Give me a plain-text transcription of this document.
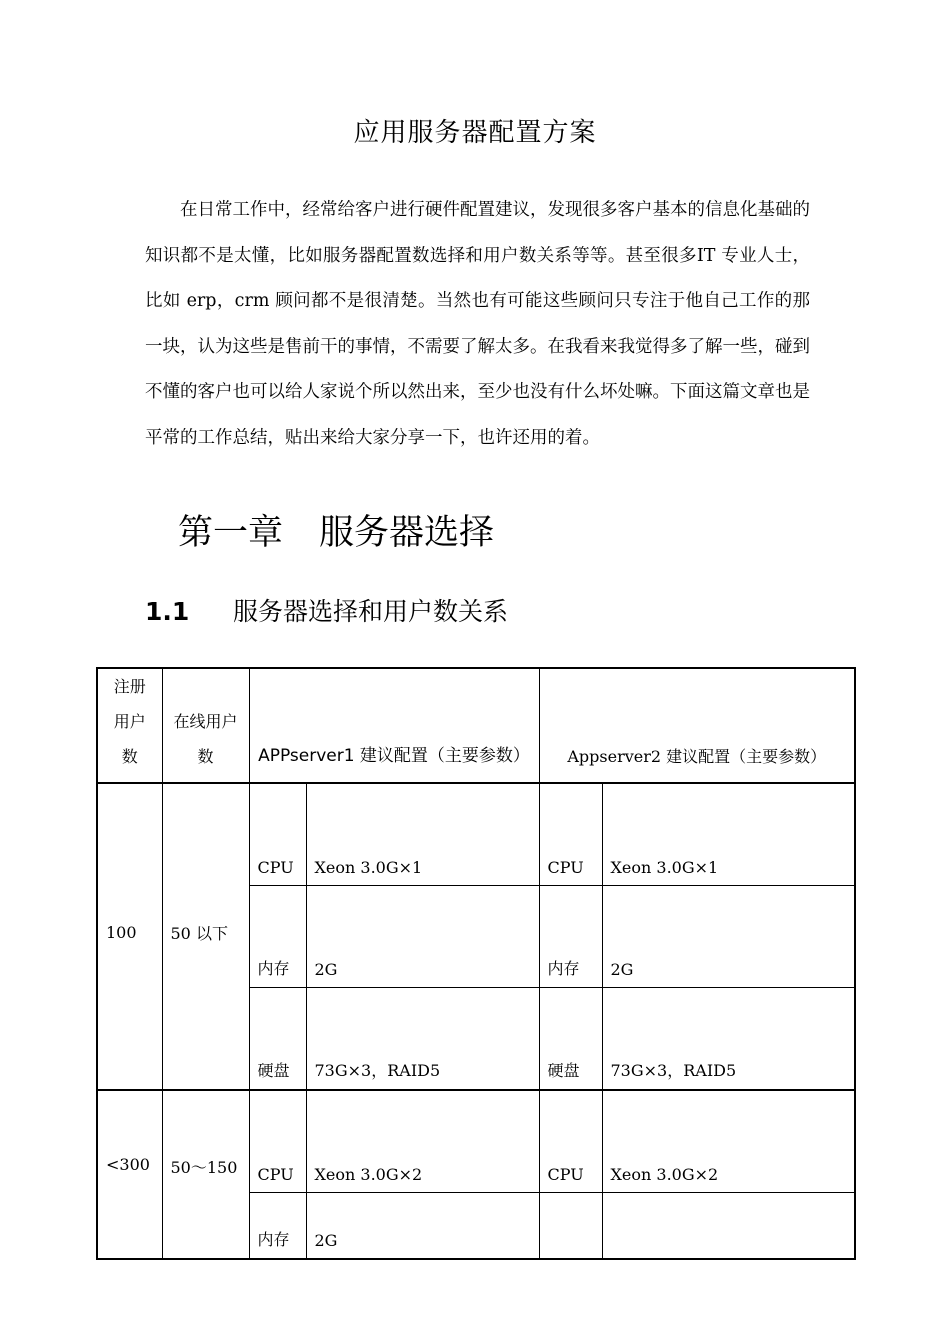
应用服务器配置方案
在日常工作中，经常给客户进行硬件配置建议，发现很多客户基本的信息化基础的知识都不是太懂，比如服务器配置数选择和用户数关系等等。甚至很多IT 专业人士，比如 erp，crm 顾问都不是很清楚。当然也有可能这些顾问只专注于他自己工作的那一块，认为这些是售前干的事情，不需要了解太多。在我看来我觉得多了解一些，碰到不懂的客户也可以给人家说个所以然出来，至少也没有什么坏处嘛。下面这篇文章也是平常的工作总结，贴出来给大家分享一下，也许还用的着。
第一章 服务器选择
1.1 服务器选择和用户数关系
注册用户数	在线用户数	APPserver1 建议配置（主要参数）		Appserver2 建议配置（主要参数）	
100	50 以下	CPU	Xeon 3.0G×1	CPU	Xeon 3.0G×1
		内存	2G	内存	2G
		硬盘	73G×3，RAID5	硬盘	73G×3，RAID5
<300	50～150	CPU	Xeon 3.0G×2	CPU	Xeon 3.0G×2
		内存	2G		
